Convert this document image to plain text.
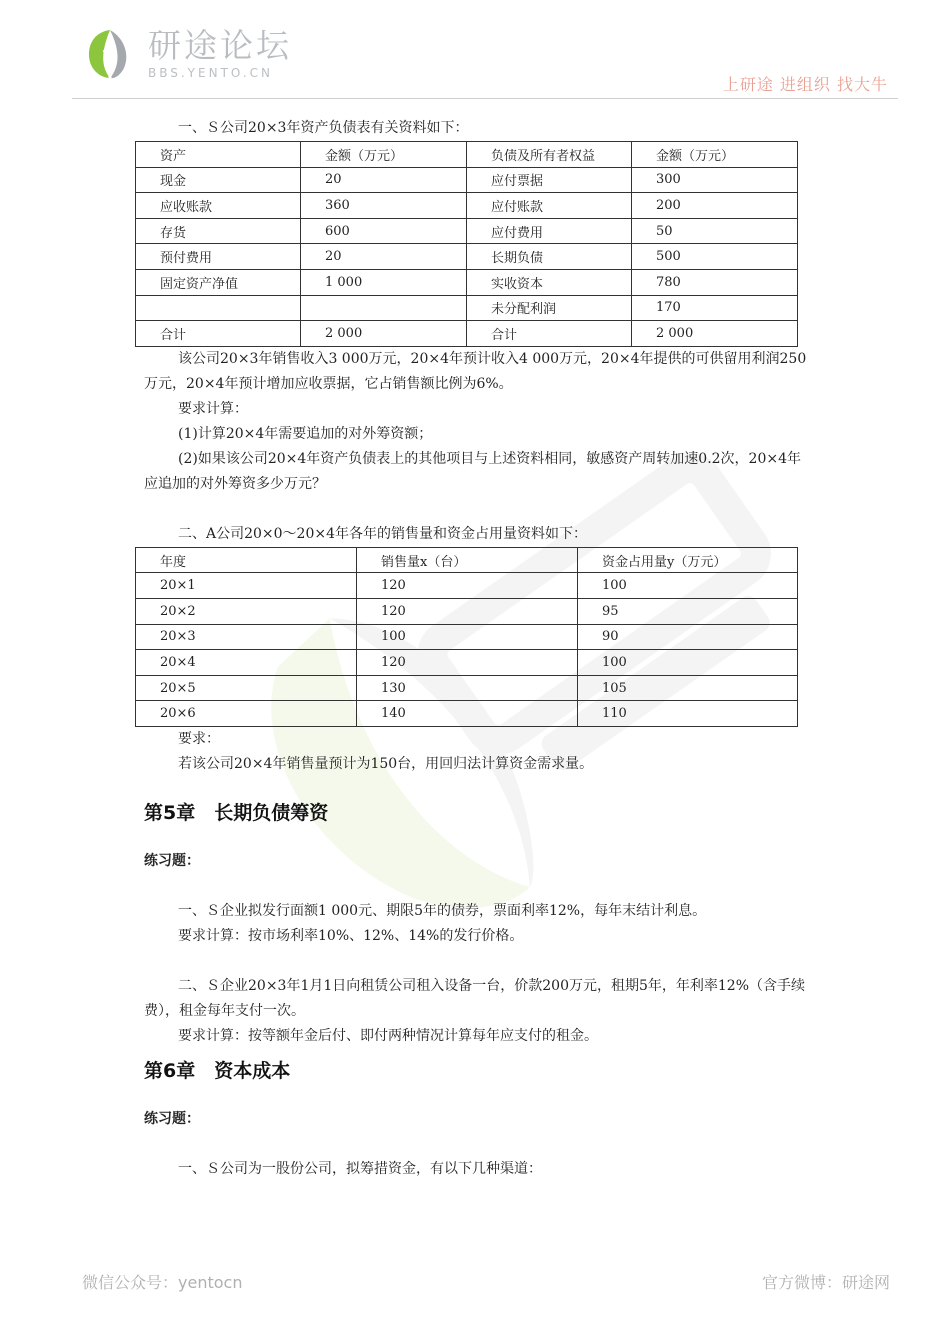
研途论坛
BBS.YENTO.CN
上研途 进组织 找大牛

一、Ｓ公司20×3年资产负债表有关资料如下：

资产	金额（万元）	负债及所有者权益	金额（万元）
现金	20	应付票据	300
应收账款	360	应付账款	200
存货	600	应付费用	50
预付费用	20	长期负债	500
固定资产净值	1 000	实收资本	780
		未分配利润	170
合计	2 000	合计	2 000

该公司20×3年销售收入3 000万元，20×4年预计收入4 000万元，20×4年提供的可供留用利润250万元，20×4年预计增加应收票据，它占销售额比例为6%。

要求计算：

(1)计算20×4年需要追加的对外筹资额；

(2)如果该公司20×4年资产负债表上的其他项目与上述资料相同，敏感资产周转加速0.2次，20×4年应追加的对外筹资多少万元？

二、A公司20×0～20×4年各年的销售量和资金占用量资料如下：

年度	销售量x（台）	资金占用量y（万元）
20×1	120	100
20×2	120	95
20×3	100	90
20×4	120	100
20×5	130	105
20×6	140	110

要求：

若该公司20×4年销售量预计为150台，用回归法计算资金需求量。

第5章　长期负债筹资

练习题：

一、Ｓ企业拟发行面额1 000元、期限5年的债券，票面利率12%，每年末结计利息。

要求计算：按市场利率10%、12%、14%的发行价格。

二、Ｓ企业20×3年1月1日向租赁公司租入设备一台，价款200万元，租期5年，年利率12%（含手续费），租金每年支付一次。

要求计算：按等额年金后付、即付两种情况计算每年应支付的租金。

第6章　资本成本

练习题：

一、Ｓ公司为一股份公司，拟筹措资金，有以下几种渠道：

微信公众号：yentocn	官方微博：研途网
